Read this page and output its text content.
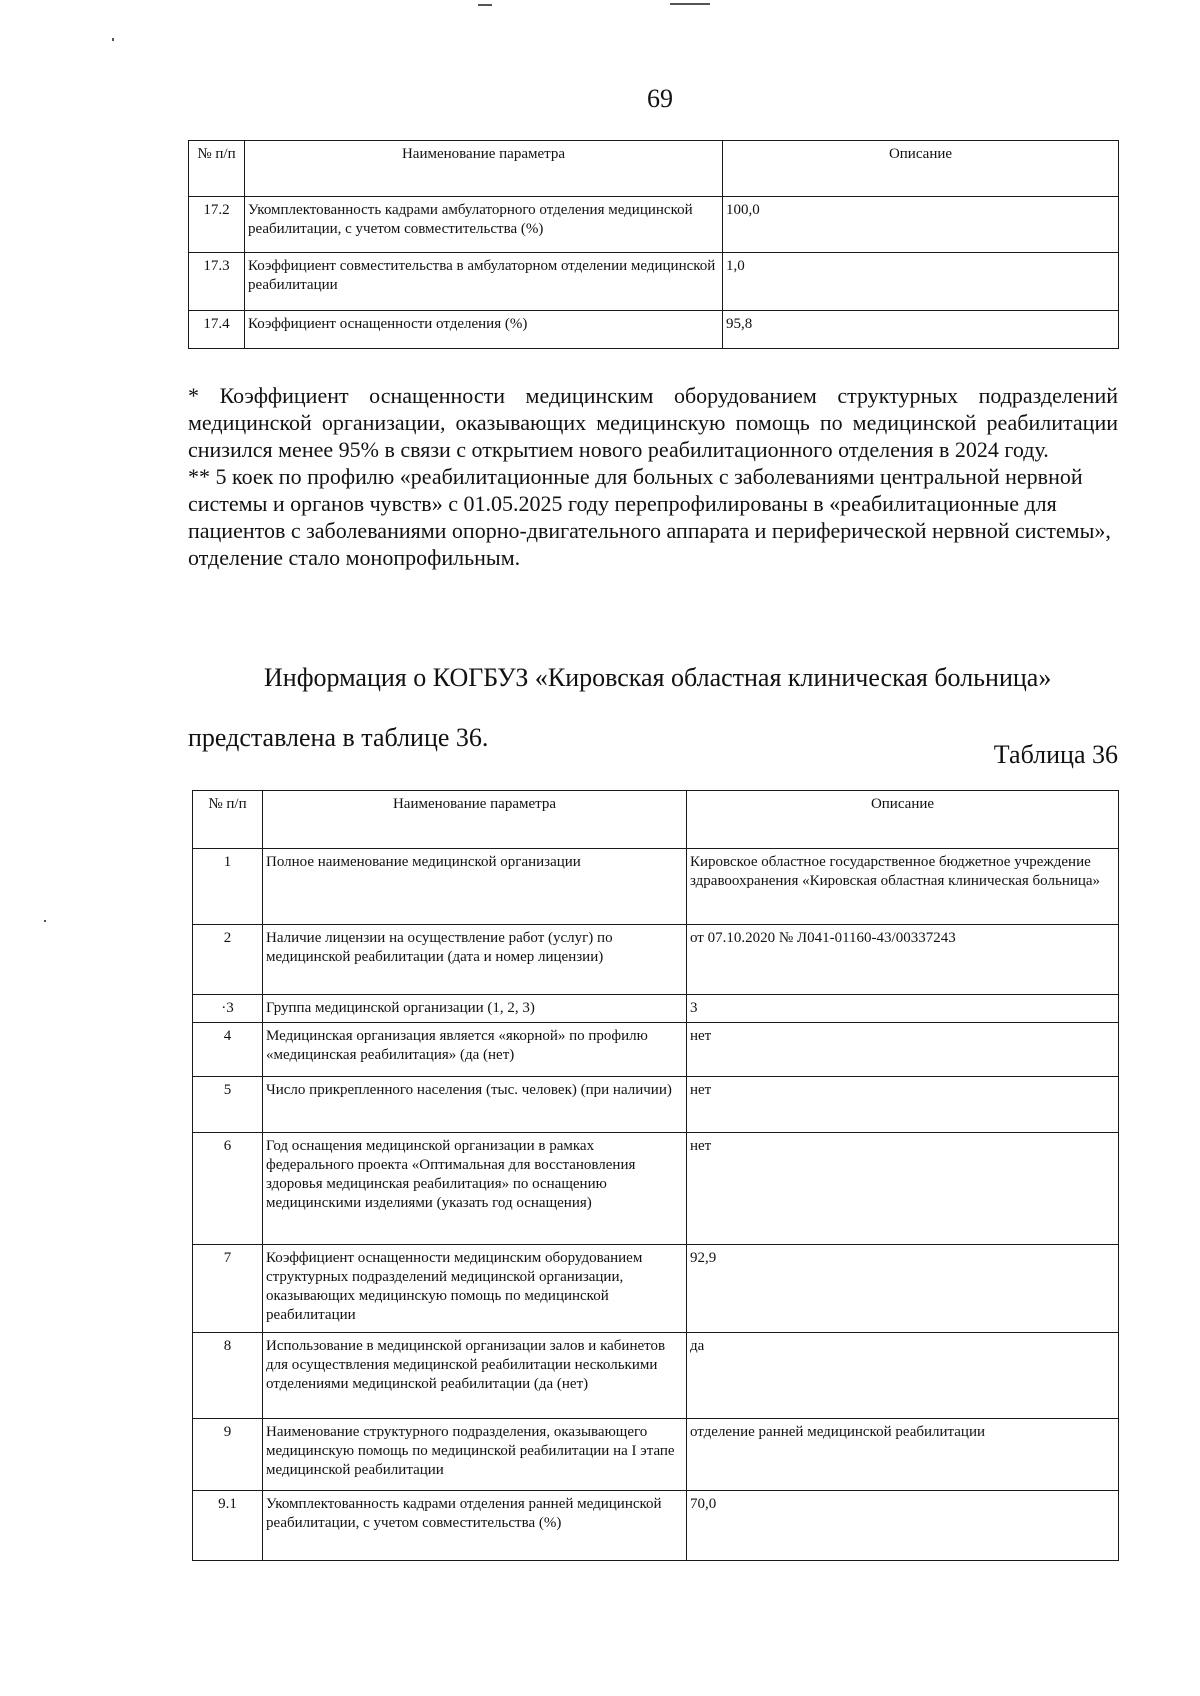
69
№ п/п	Наименование параметра	Описание
17.2	Укомплектованность кадрами амбулаторного отделения медицинской реабилитации, с учетом совместительства (%)	100,0
17.3	Коэффициент совместительства в амбулаторном отделении медицинской реабилитации	1,0
17.4	Коэффициент оснащенности отделения (%)	95,8

* Коэффициент оснащенности медицинским оборудованием структурных подразделений медицинской организации, оказывающих медицинскую помощь по медицинской реабилитации снизился менее 95% в связи с открытием нового реабилитационного отделения в 2024 году.

** 5 коек по профилю «реабилитационные для больных с заболеваниями центральной нервной системы и органов чувств» с 01.05.2025 году перепрофилированы в «реабилитационные для пациентов с заболеваниями опорно-двигательного аппарата и периферической нервной системы», отделение стало монопрофильным.

Информация о КОГБУЗ «Кировская областная клиническая больница» представлена в таблице 36.

Таблица 36
№ п/п	Наименование параметра	Описание
1	Полное наименование медицинской организации	Кировское областное государственное бюджетное учреждение здравоохранения «Кировская областная клиническая больница»
2	Наличие лицензии на осуществление работ (услуг) по медицинской реабилитации (дата и номер лицензии)	от 07.10.2020 № Л041-01160-43/00337243
·3	Группа медицинской организации (1, 2, 3)	3
4	Медицинская организация является «якорной» по профилю «медицинская реабилитация» (да (нет)	нет
5	Число прикрепленного населения (тыс. человек) (при наличии)	нет
6	Год оснащения медицинской организации в рамках федерального проекта «Оптимальная для восстановления здоровья медицинская реабилитация» по оснащению медицинскими изделиями (указать год оснащения)	нет
7	Коэффициент оснащенности медицинским оборудованием структурных подразделений медицинской организации, оказывающих медицинскую помощь по медицинской реабилитации	92,9
8	Использование в медицинской организации залов и кабинетов для осуществления медицинской реабилитации несколькими отделениями медицинской реабилитации (да (нет)	да
9	Наименование структурного подразделения, оказывающего медицинскую помощь по медицинской реабилитации на I этапе медицинской реабилитации	отделение ранней медицинской реабилитации
9.1	Укомплектованность кадрами отделения ранней медицинской реабилитации, с учетом совместительства (%)	70,0
